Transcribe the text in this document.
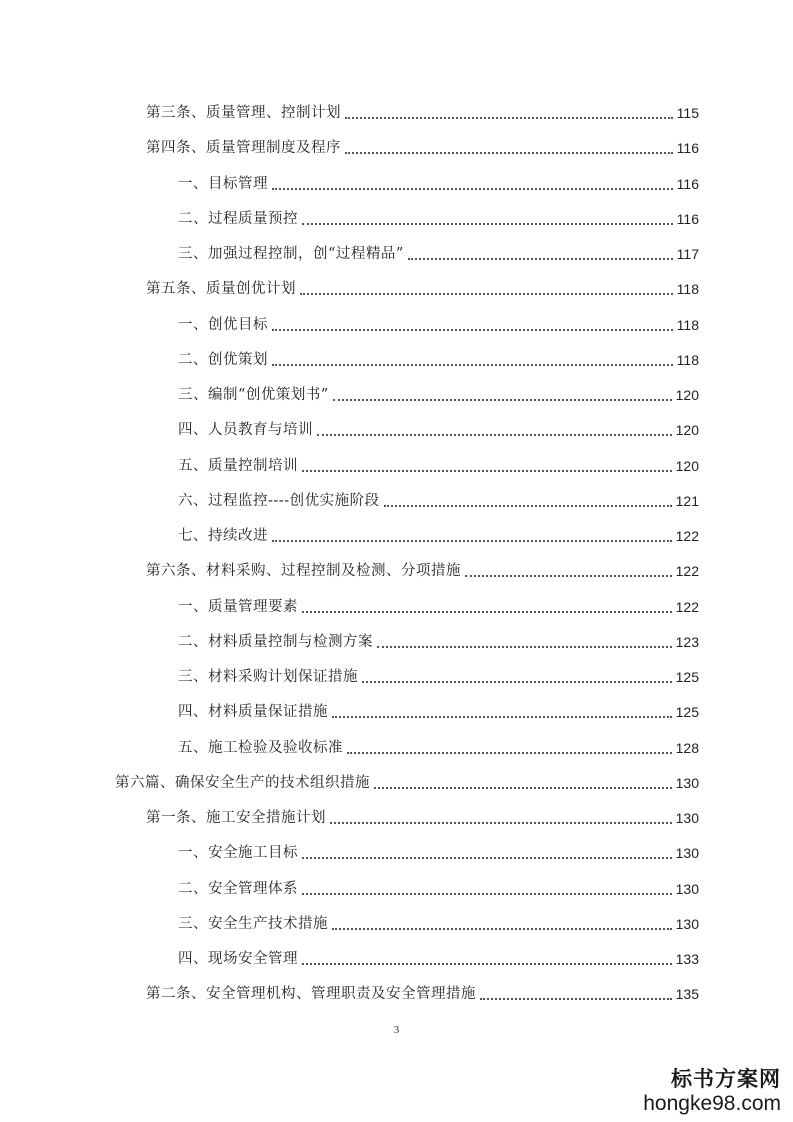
第三条、质量管理、控制计划	115
第四条、质量管理制度及程序	116
一、目标管理	116
二、过程质量预控	116
三、加强过程控制，创“过程精品”	117
第五条、质量创优计划	118
一、创优目标	118
二、创优策划	118
三、编制“创优策划书”	120
四、人员教育与培训	120
五、质量控制培训	120
六、过程监控----创优实施阶段	121
七、持续改进	122
第六条、材料采购、过程控制及检测、分项措施	122
一、质量管理要素	122
二、材料质量控制与检测方案	123
三、材料采购计划保证措施	125
四、材料质量保证措施	125
五、施工检验及验收标准	128
第六篇、确保安全生产的技术组织措施	130
第一条、施工安全措施计划	130
一、安全施工目标	130
二、安全管理体系	130
三、安全生产技术措施	130
四、现场安全管理	133
第二条、安全管理机构、管理职责及安全管理措施	135
3
标书方案网
hongke98.com
